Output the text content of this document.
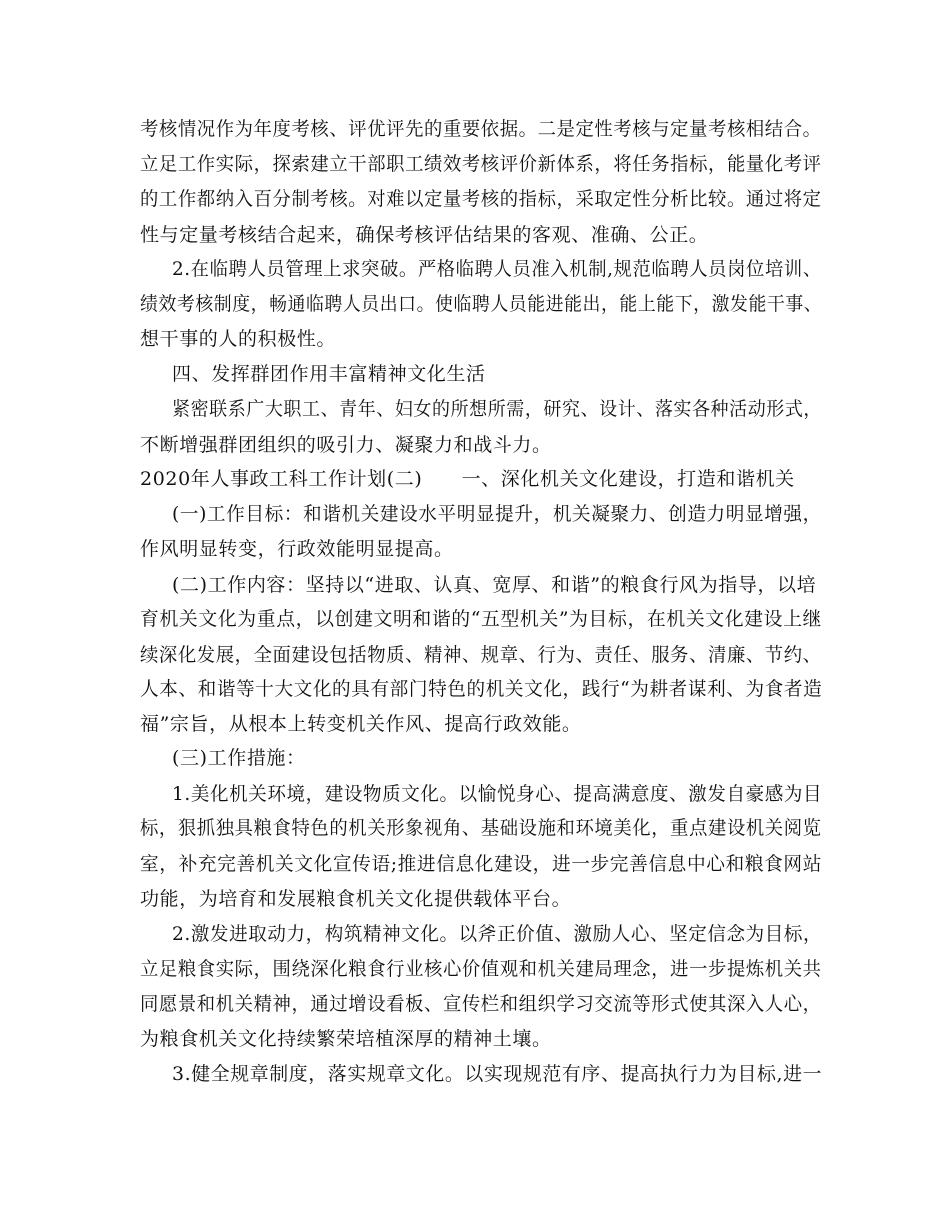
考核情况作为年度考核、评优评先的重要依据。二是定性考核与定量考核相结合。
立足工作实际，探索建立干部职工绩效考核评价新体系，将任务指标，能量化考评
的工作都纳入百分制考核。对难以定量考核的指标，采取定性分析比较。通过将定
性与定量考核结合起来，确保考核评估结果的客观、准确、公正。
2.在临聘人员管理上求突破。严格临聘人员准入机制,规范临聘人员岗位培训、
绩效考核制度，畅通临聘人员出口。使临聘人员能进能出，能上能下，激发能干事、
想干事的人的积极性。
四、发挥群团作用丰富精神文化生活
紧密联系广大职工、青年、妇女的所想所需，研究、设计、落实各种活动形式，
不断增强群团组织的吸引力、凝聚力和战斗力。
2020年人事政工科工作计划(二)　　一、深化机关文化建设，打造和谐机关
(一)工作目标：和谐机关建设水平明显提升，机关凝聚力、创造力明显增强，
作风明显转变，行政效能明显提高。
(二)工作内容：坚持以“进取、认真、宽厚、和谐”的粮食行风为指导，以培
育机关文化为重点，以创建文明和谐的“五型机关”为目标，在机关文化建设上继
续深化发展，全面建设包括物质、精神、规章、行为、责任、服务、清廉、节约、
人本、和谐等十大文化的具有部门特色的机关文化，践行“为耕者谋利、为食者造
福”宗旨，从根本上转变机关作风、提高行政效能。
(三)工作措施：
1.美化机关环境，建设物质文化。以愉悦身心、提高满意度、激发自豪感为目
标，狠抓独具粮食特色的机关形象视角、基础设施和环境美化，重点建设机关阅览
室，补充完善机关文化宣传语;推进信息化建设，进一步完善信息中心和粮食网站
功能，为培育和发展粮食机关文化提供载体平台。
2.激发进取动力，构筑精神文化。以斧正价值、激励人心、坚定信念为目标，
立足粮食实际，围绕深化粮食行业核心价值观和机关建局理念，进一步提炼机关共
同愿景和机关精神，通过增设看板、宣传栏和组织学习交流等形式使其深入人心，
为粮食机关文化持续繁荣培植深厚的精神土壤。
3.健全规章制度，落实规章文化。以实现规范有序、提高执行力为目标,进一
